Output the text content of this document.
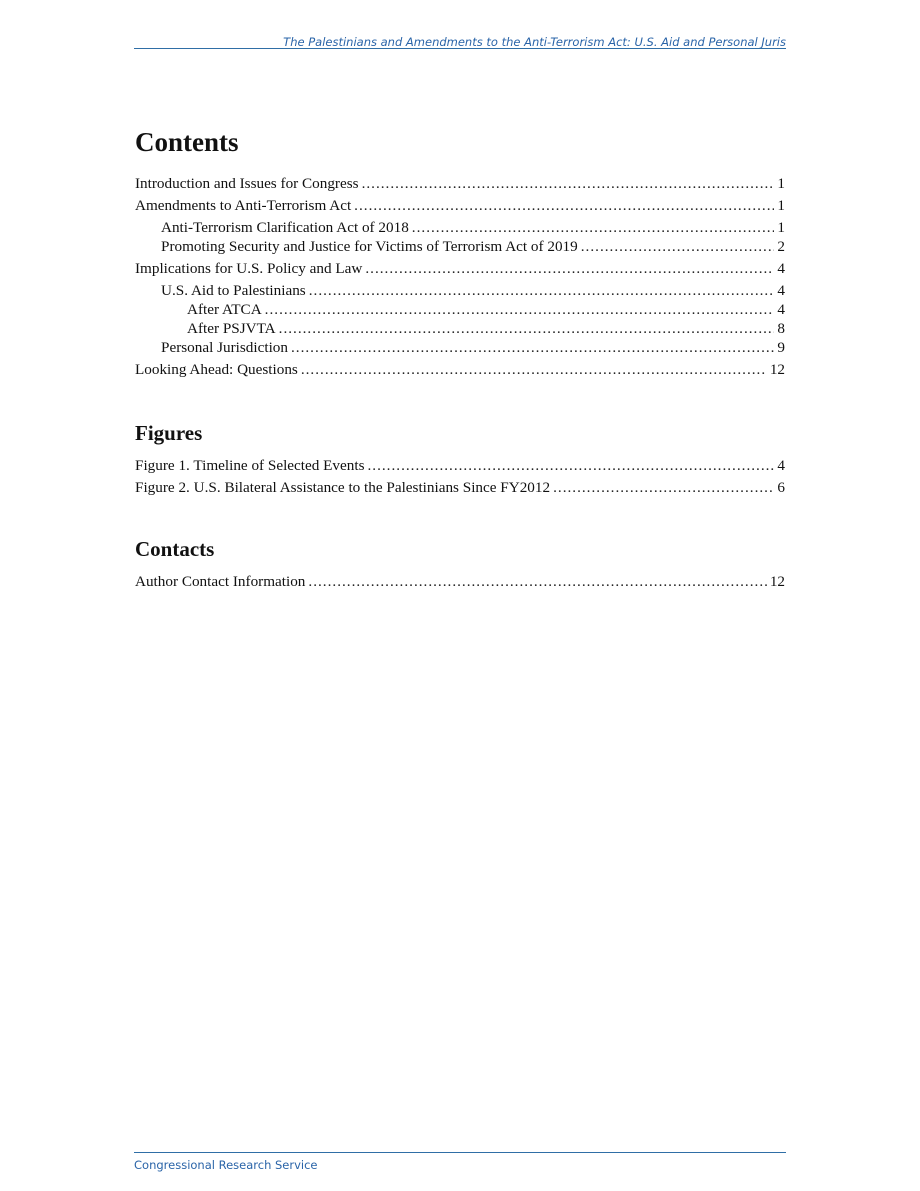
The Palestinians and Amendments to the Anti-Terrorism Act: U.S. Aid and Personal Juris
Contents
Introduction and Issues for Congress .....	1
Amendments to Anti-Terrorism Act .....	1
Anti-Terrorism Clarification Act of 2018 .....	1
Promoting Security and Justice for Victims of Terrorism Act of 2019 .....	2
Implications for U.S. Policy and Law .....	4
U.S. Aid to Palestinians .....	4
After ATCA .....	4
After PSJVTA .....	8
Personal Jurisdiction .....	9
Looking Ahead: Questions .....	12
Figures
Figure 1. Timeline of Selected Events .....	4
Figure 2. U.S. Bilateral Assistance to the Palestinians Since FY2012 .....	6
Contacts
Author Contact Information .....	12
Congressional Research Service
